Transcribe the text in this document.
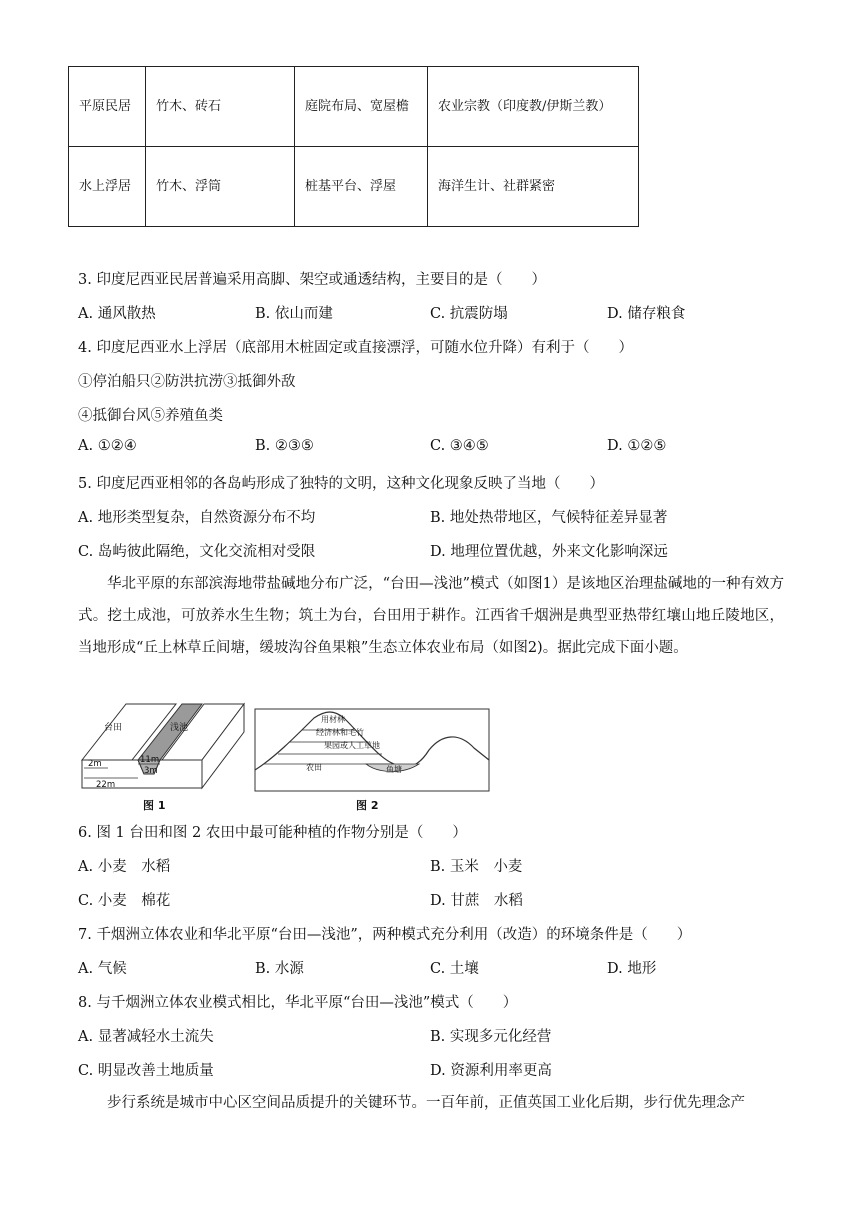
平原民居	竹木、砖石	庭院布局、宽屋檐	农业宗教（印度教/伊斯兰教）
水上浮居	竹木、浮筒	桩基平台、浮屋	海洋生计、社群紧密
3. 印度尼西亚民居普遍采用高脚、架空或通透结构，主要目的是（　　）
A. 通风散热	B. 依山而建	C. 抗震防塌	D. 储存粮食
4. 印度尼西亚水上浮居（底部用木桩固定或直接漂浮，可随水位升降）有利于（　　）
①停泊船只②防洪抗涝③抵御外敌
④抵御台风⑤养殖鱼类
A. ①②④	B. ②③⑤	C. ③④⑤	D. ①②⑤
5. 印度尼西亚相邻的各岛屿形成了独特的文明，这种文化现象反映了当地（　　）
A. 地形类型复杂，自然资源分布不均	B. 地处热带地区，气候特征差异显著
C. 岛屿彼此隔绝，文化交流相对受限	D. 地理位置优越，外来文化影响深远
华北平原的东部滨海地带盐碱地分布广泛，“台田—浅池”模式（如图1）是该地区治理盐碱地的一种有效方式。挖土成池，可放养水生生物；筑土为台，台田用于耕作。江西省千烟洲是典型亚热带红壤山地丘陵地区，当地形成“丘上林草丘间塘，缓坡沟谷鱼果粮”生态立体农业布局（如图2)。据此完成下面小题。
台田	浅池
2m
22m
11m
3m
图 1
用材林
经济林和毛竹
果园或人工草地
农田	鱼塘
图 2
6. 图 1 台田和图 2 农田中最可能种植的作物分别是（　　）
A. 小麦　水稻	B. 玉米　小麦
C. 小麦　棉花	D. 甘蔗　水稻
7. 千烟洲立体农业和华北平原“台田—浅池”，两种模式充分利用（改造）的环境条件是（　　）
A. 气候	B. 水源	C. 土壤	D. 地形
8. 与千烟洲立体农业模式相比，华北平原“台田—浅池”模式（　　）
A. 显著减轻水土流失	B. 实现多元化经营
C. 明显改善土地质量	D. 资源利用率更高
步行系统是城市中心区空间品质提升的关键环节。一百年前，正值英国工业化后期，步行优先理念产
